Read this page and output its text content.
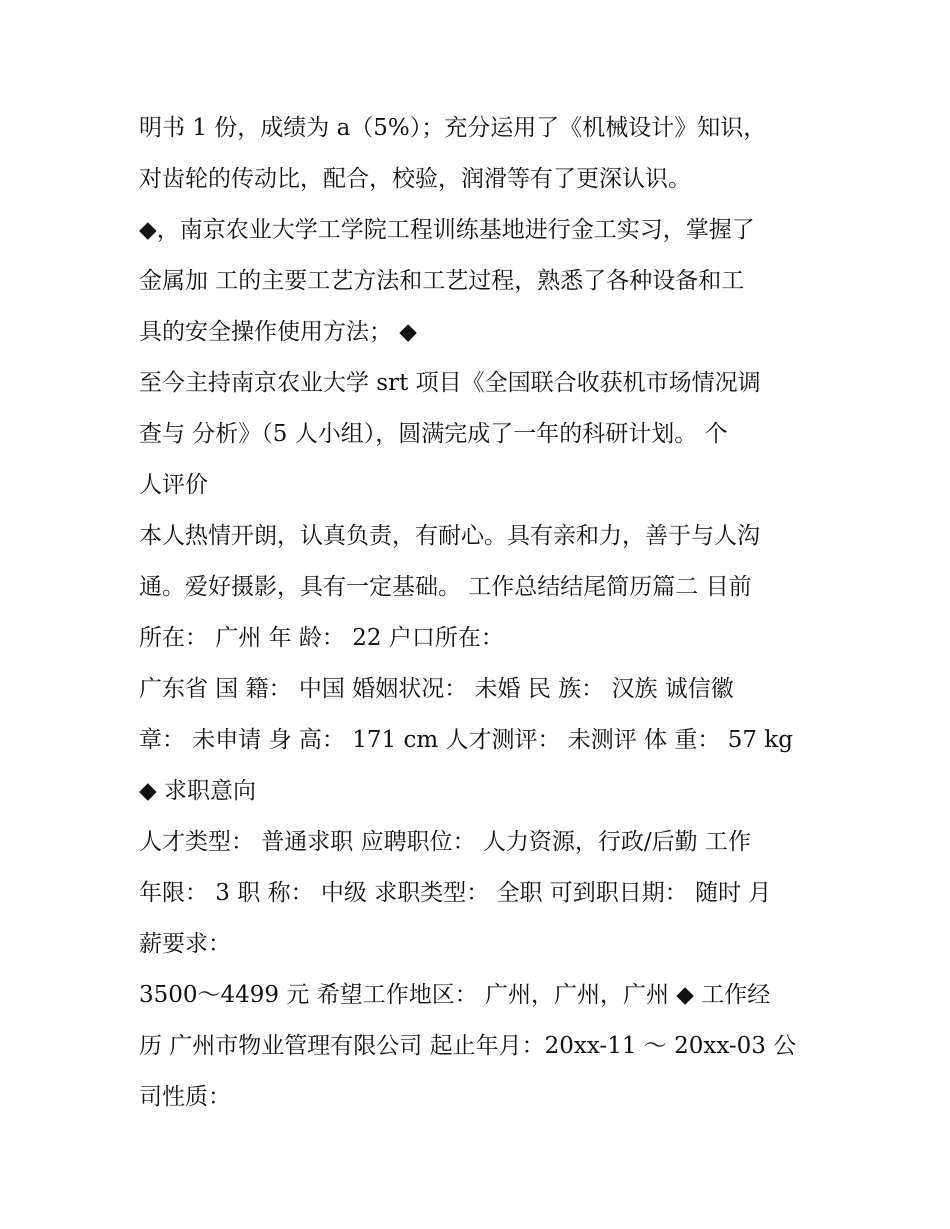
明书 1 份，成绩为 a（5%）；充分运用了《机械设计》知识，
对齿轮的传动比，配合，校验，润滑等有了更深认识。
◆，南京农业大学工学院工程训练基地进行金工实习，掌握了
金属加 工的主要工艺方法和工艺过程，熟悉了各种设备和工
具的安全操作使用方法； ◆
至今主持南京农业大学 srt 项目《全国联合收获机市场情况调
查与 分析》（5 人小组），圆满完成了一年的科研计划。 个
人评价
本人热情开朗，认真负责，有耐心。具有亲和力，善于与人沟
通。爱好摄影，具有一定基础。 工作总结结尾简历篇二 目前
所在： 广州 年 龄： 22 户口所在：
广东省 国 籍： 中国 婚姻状况： 未婚 民 族： 汉族 诚信徽
章： 未申请 身 高： 171 cm 人才测评： 未测评 体 重： 57 kg
◆ 求职意向
人才类型： 普通求职 应聘职位： 人力资源，行政/后勤 工作
年限： 3 职 称： 中级 求职类型： 全职 可到职日期： 随时 月
薪要求：
3500～4499 元 希望工作地区： 广州，广州，广州 ◆ 工作经
历 广州市物业管理有限公司 起止年月：20xx-11 ～ 20xx-03 公
司性质：
